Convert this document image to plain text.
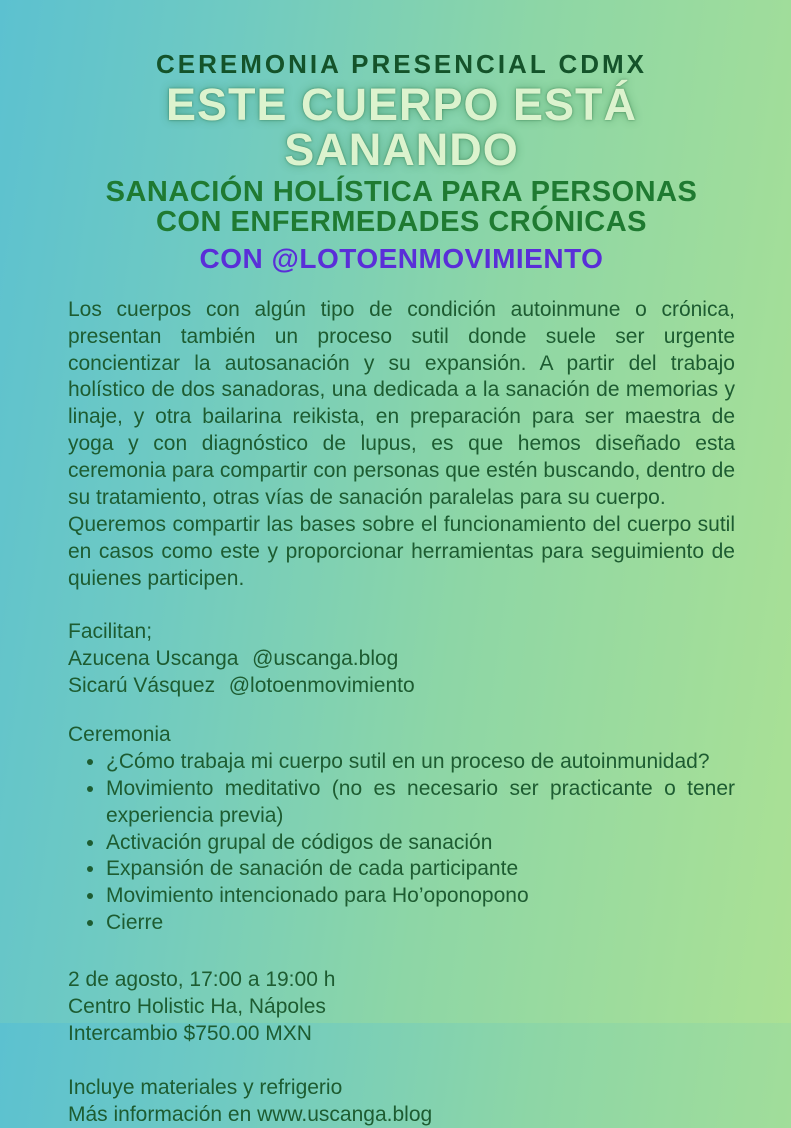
CEREMONIA PRESENCIAL CDMX
ESTE CUERPO ESTÁ SANANDO
SANACIÓN HOLÍSTICA PARA PERSONAS
CON ENFERMEDADES CRÓNICAS
CON @LOTOENMOVIMIENTO

Los cuerpos con algún tipo de condición autoinmune o crónica, presentan también un proceso sutil donde suele ser urgente concientizar la autosanación y su expansión. A partir del trabajo holístico de dos sanadoras, una dedicada a la sanación de memorias y linaje, y otra bailarina reikista, en preparación para ser maestra de yoga y con diagnóstico de lupus, es que hemos diseñado esta ceremonia para compartir con personas que estén buscando, dentro de su tratamiento, otras vías de sanación paralelas para su cuerpo.

Queremos compartir las bases sobre el funcionamiento del cuerpo sutil en casos como este y proporcionar herramientas para seguimiento de quienes participen.

Facilitan;
Azucena Uscanga @uscanga.blog
Sicarú Vásquez @lotoenmovimiento
Ceremonia
• ¿Cómo trabaja mi cuerpo sutil en un proceso de autoinmunidad?
• Movimiento meditativo (no es necesario ser practicante o tener experiencia previa)
• Activación grupal de códigos de sanación
• Expansión de sanación de cada participante
• Movimiento intencionado para Ho’oponopono
• Cierre
2 de agosto, 17:00 a 19:00 h
Centro Holistic Ha, Nápoles
Intercambio $750.00 MXN
Incluye materiales y refrigerio
Más información en www.uscanga.blog
